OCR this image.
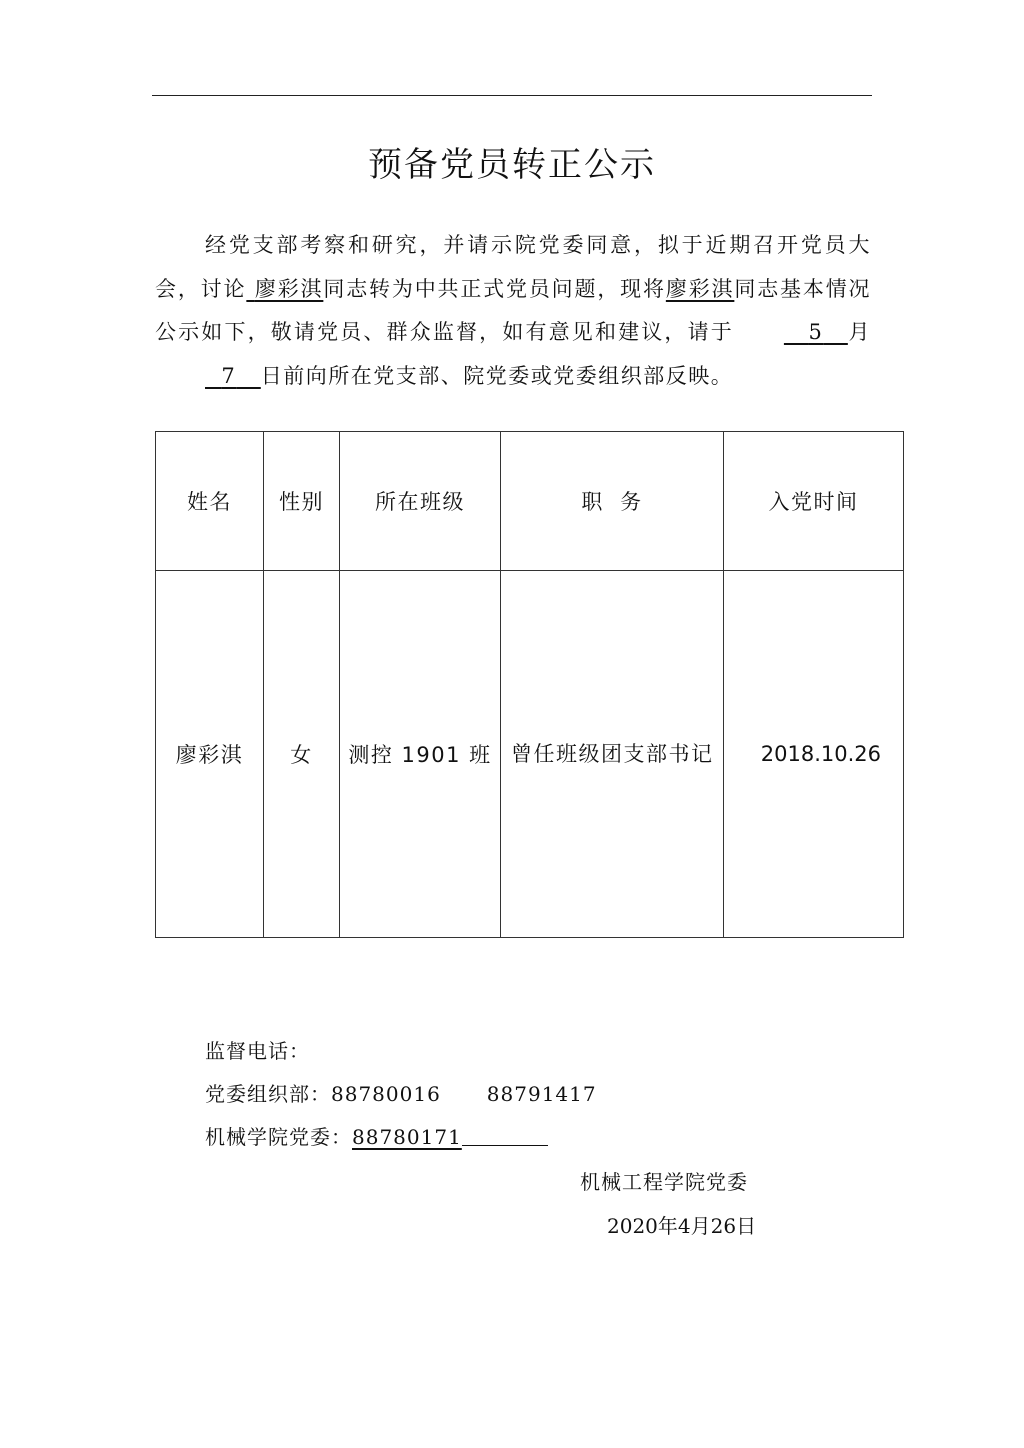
预备党员转正公示
经党支部考察和研究，并请示院党委同意，拟于近期召开党员大会，讨论 廖彩淇同志转为中共正式党员问题，现将廖彩淇同志基本情况公示如下，敬请党员、群众监督，如有意见和建议，请于	5 月  7 日前向所在党支部、院党委或党委组织部反映。
姓名	性别	所在班级	职  务	入党时间
廖彩淇	女	测控 1901 班	曾任班级团支部书记	2018.10.26
监督电话：
党委组织部：88780016 88791417
机械学院党委：88780171
机械工程学院党委
2020年4月26日
